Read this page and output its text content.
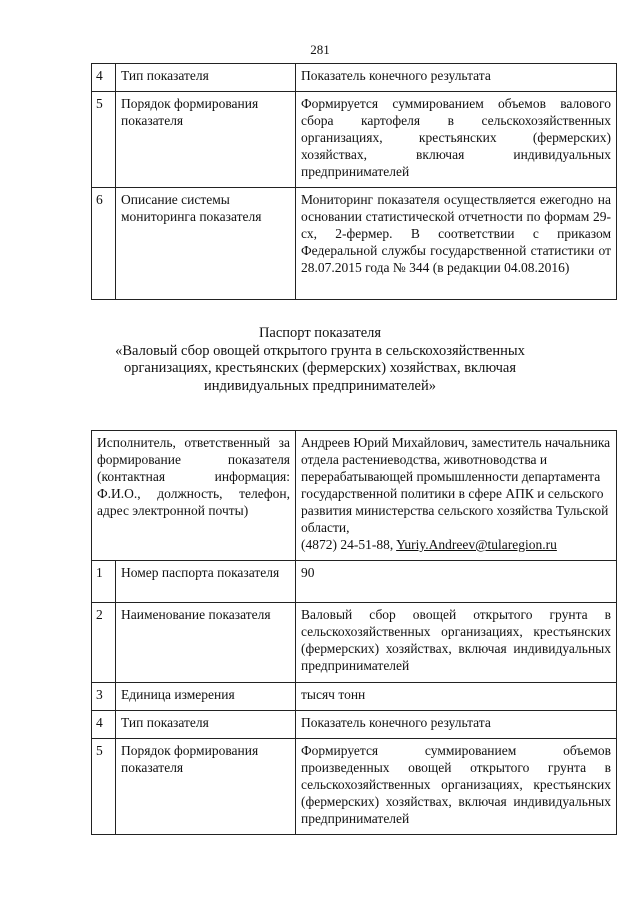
281
4	Тип показателя	Показатель конечного результата
5	Порядок формирования показателя	Формируется суммированием объемов валового сбора картофеля в сельскохозяйственных организациях, крестьянских (фермерских) хозяйствах, включая индивидуальных предпринимателей
6	Описание системы мониторинга показателя	Мониторинг показателя осуществляется ежегодно на основании статистической отчетности по формам 29-сх, 2-фермер. В соответствии с приказом Федеральной службы государственной статистики от 28.07.2015 года № 344 (в редакции 04.08.2016)
Паспорт показателя
«Валовый сбор овощей открытого грунта в сельскохозяйственных
организациях, крестьянских (фермерских) хозяйствах, включая
индивидуальных предпринимателей»
Исполнитель, ответственный за формирование показателя (контактная информация: Ф.И.О., должность, телефон, адрес электронной почты)		Андреев Юрий Михайлович, заместитель начальника отдела растениеводства, животноводства и перерабатывающей промышленности департамента государственной политики в сфере АПК и сельского развития министерства сельского хозяйства Тульской области,
(4872) 24-51-88, Yuriy.Andreev@tularegion.ru

1	Номер паспорта показателя	90
2	Наименование показателя	Валовый сбор овощей открытого грунта в сельскохозяйственных организациях, крестьянских (фермерских) хозяйствах, включая индивидуальных предпринимателей
3	Единица измерения	тысяч тонн
4	Тип показателя	Показатель конечного результата
5	Порядок формирования показателя	Формируется суммированием объемов произведенных овощей открытого грунта в сельскохозяйственных организациях, крестьянских (фермерских) хозяйствах, включая индивидуальных предпринимателей
